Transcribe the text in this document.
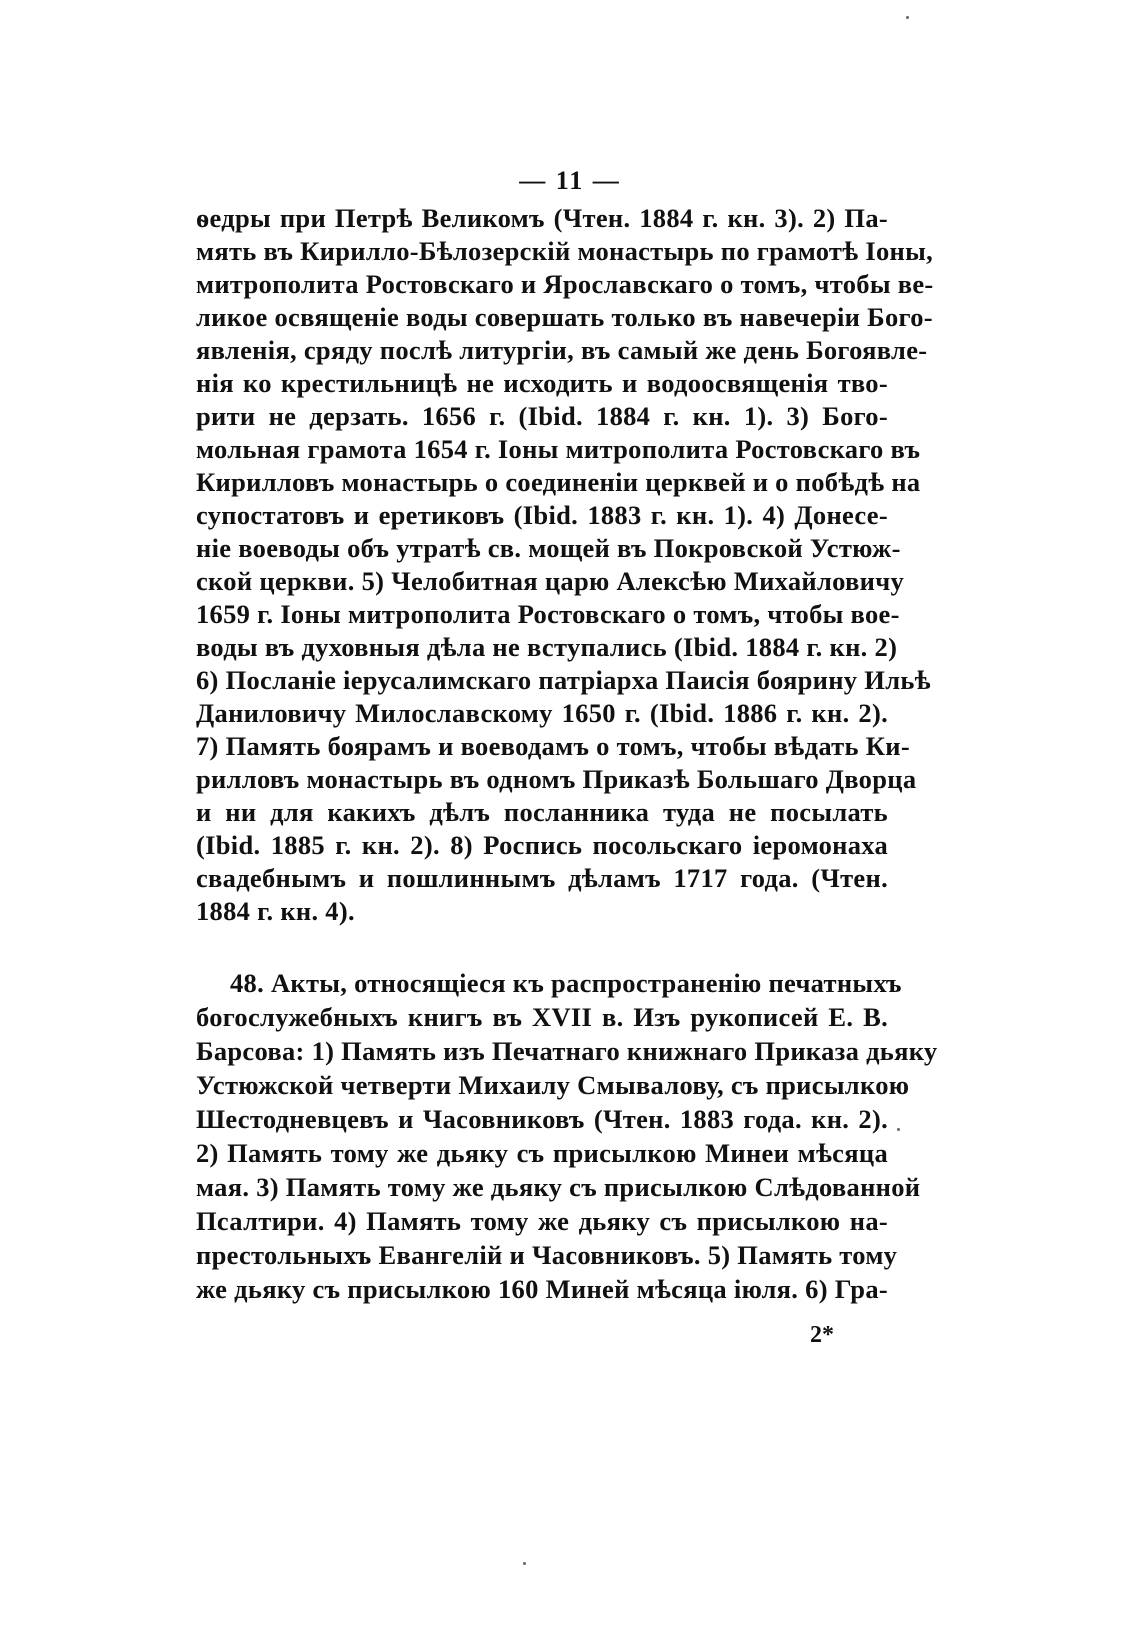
— 11 —
ѳедры при Петрѣ Великомъ (Чтен. 1884 г. кн. 3). 2) Па-
мять въ Кирилло-Бѣлозерскій монастырь по грамотѣ Іоны,
митрополита Ростовскаго и Ярославскаго о томъ, чтобы ве-
ликое освященіе воды совершать только въ навечеріи Бого-
явленія, сряду послѣ литургіи, въ самый же день Богоявле-
нія ко крестильницѣ не исходить и водоосвященія тво-
рити не дерзать. 1656 г. (Ibid. 1884 г. кн. 1). 3) Бого-
мольная грамота 1654 г. Іоны митрополита Ростовскаго въ
Кирилловъ монастырь о соединеніи церквей и о побѣдѣ на
супостатовъ и еретиковъ (Ibid. 1883 г. кн. 1). 4) Донесе-
ніе воеводы объ утратѣ св. мощей въ Покровской Устюж-
ской церкви. 5) Челобитная царю Алексѣю Михайловичу
1659 г. Іоны митрополита Ростовскаго о томъ, чтобы вое-
воды въ духовныя дѣла не вступались (Ibid. 1884 г. кн. 2)
6) Посланіе іерусалимскаго патріарха Паисія боярину Ильѣ
Даниловичу Милославскому 1650 г. (Ibid. 1886 г. кн. 2).
7) Память боярамъ и воеводамъ о томъ, чтобы вѣдать Ки-
рилловъ монастырь въ одномъ Приказѣ Большаго Дворца
и ни для какихъ дѣлъ посланника туда не посылать
(Ibid. 1885 г. кн. 2). 8) Роспись посольскаго іеромонаха
свадебнымъ и пошлиннымъ дѣламъ 1717 года. (Чтен.
1884 г. кн. 4).
48. Акты, относящіеся къ распространенію печатныхъ
богослужебныхъ книгъ въ XVII в. Изъ рукописей Е. В.
Барсова: 1) Память изъ Печатнаго книжнаго Приказа дьяку
Устюжской четверти Михаилу Смывалову, съ присылкою
Шестодневцевъ и Часовниковъ (Чтен. 1883 года. кн. 2).
2) Память тому же дьяку съ присылкою Минеи мѣсяца
мая. 3) Память тому же дьяку съ присылкою Слѣдованной
Псалтири. 4) Память тому же дьяку съ присылкою на-
престольныхъ Евангелій и Часовниковъ. 5) Память тому
же дьяку съ присылкою 160 Миней мѣсяца іюля. 6) Гра-
2*
